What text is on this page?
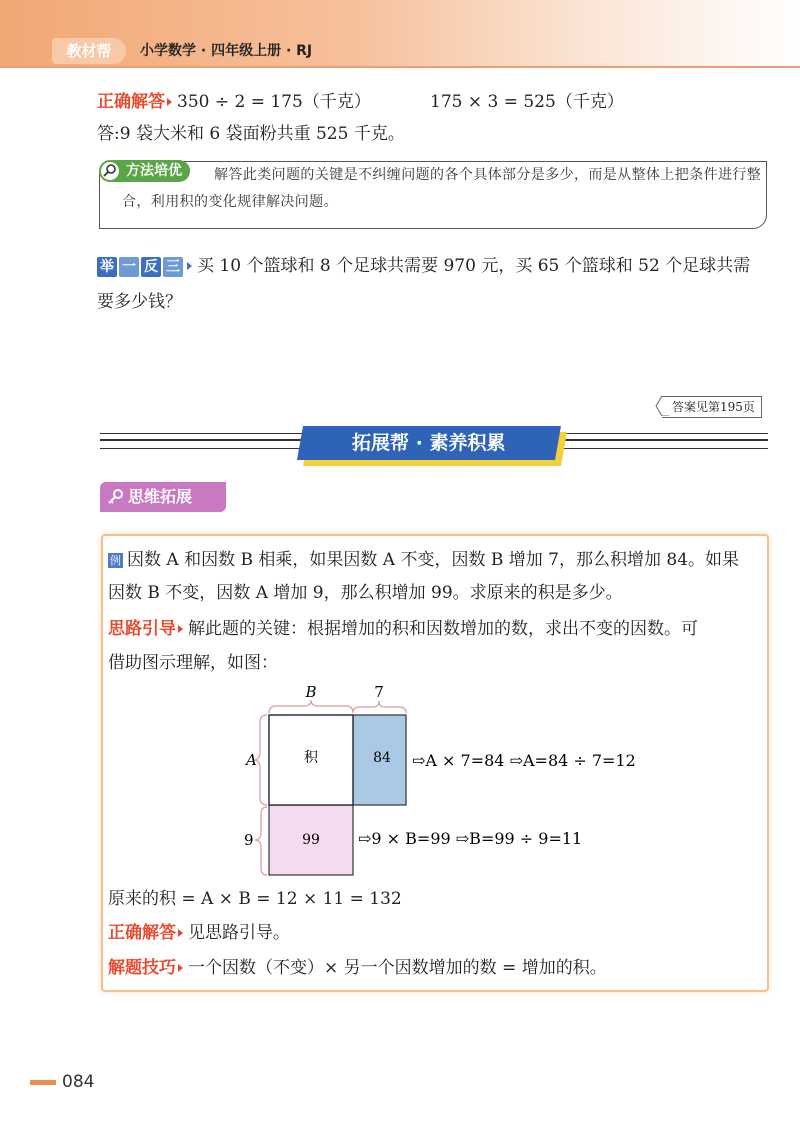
教材帮	小学数学 · 四年级上册 · RJ
正确解答 350 ÷ 2 = 175（千克）	175 × 3 = 525（千克）
答:9 袋大米和 6 袋面粉共重 525 千克。
方法培优	解答此类问题的关键是不纠缠问题的各个具体部分是多少，而是从整体上把条件进行整合，利用积的变化规律解决问题。
举 一 反 三 买 10 个篮球和 8 个足球共需要 970 元，买 65 个篮球和 52 个足球共需
要多少钱？
答案见第195页
拓展帮 · 素养积累
思维拓展
例 因数 A 和因数 B 相乘，如果因数 A 不变，因数 B 增加 7，那么积增加 84。如果
因数 B 不变，因数 A 增加 9，那么积增加 99。求原来的积是多少。
思路引导 解此题的关键：根据增加的积和因数增加的数，求出不变的因数。可
借助图示理解，如图：
B	7
A
9
积	84
99
⇨A × 7=84 ⇨A=84 ÷ 7=12
⇨9 × B=99 ⇨B=99 ÷ 9=11
原来的积 = A × B = 12 × 11 = 132
正确解答 见思路引导。
解题技巧 一个因数（不变）× 另一个因数增加的数 = 增加的积。
084
